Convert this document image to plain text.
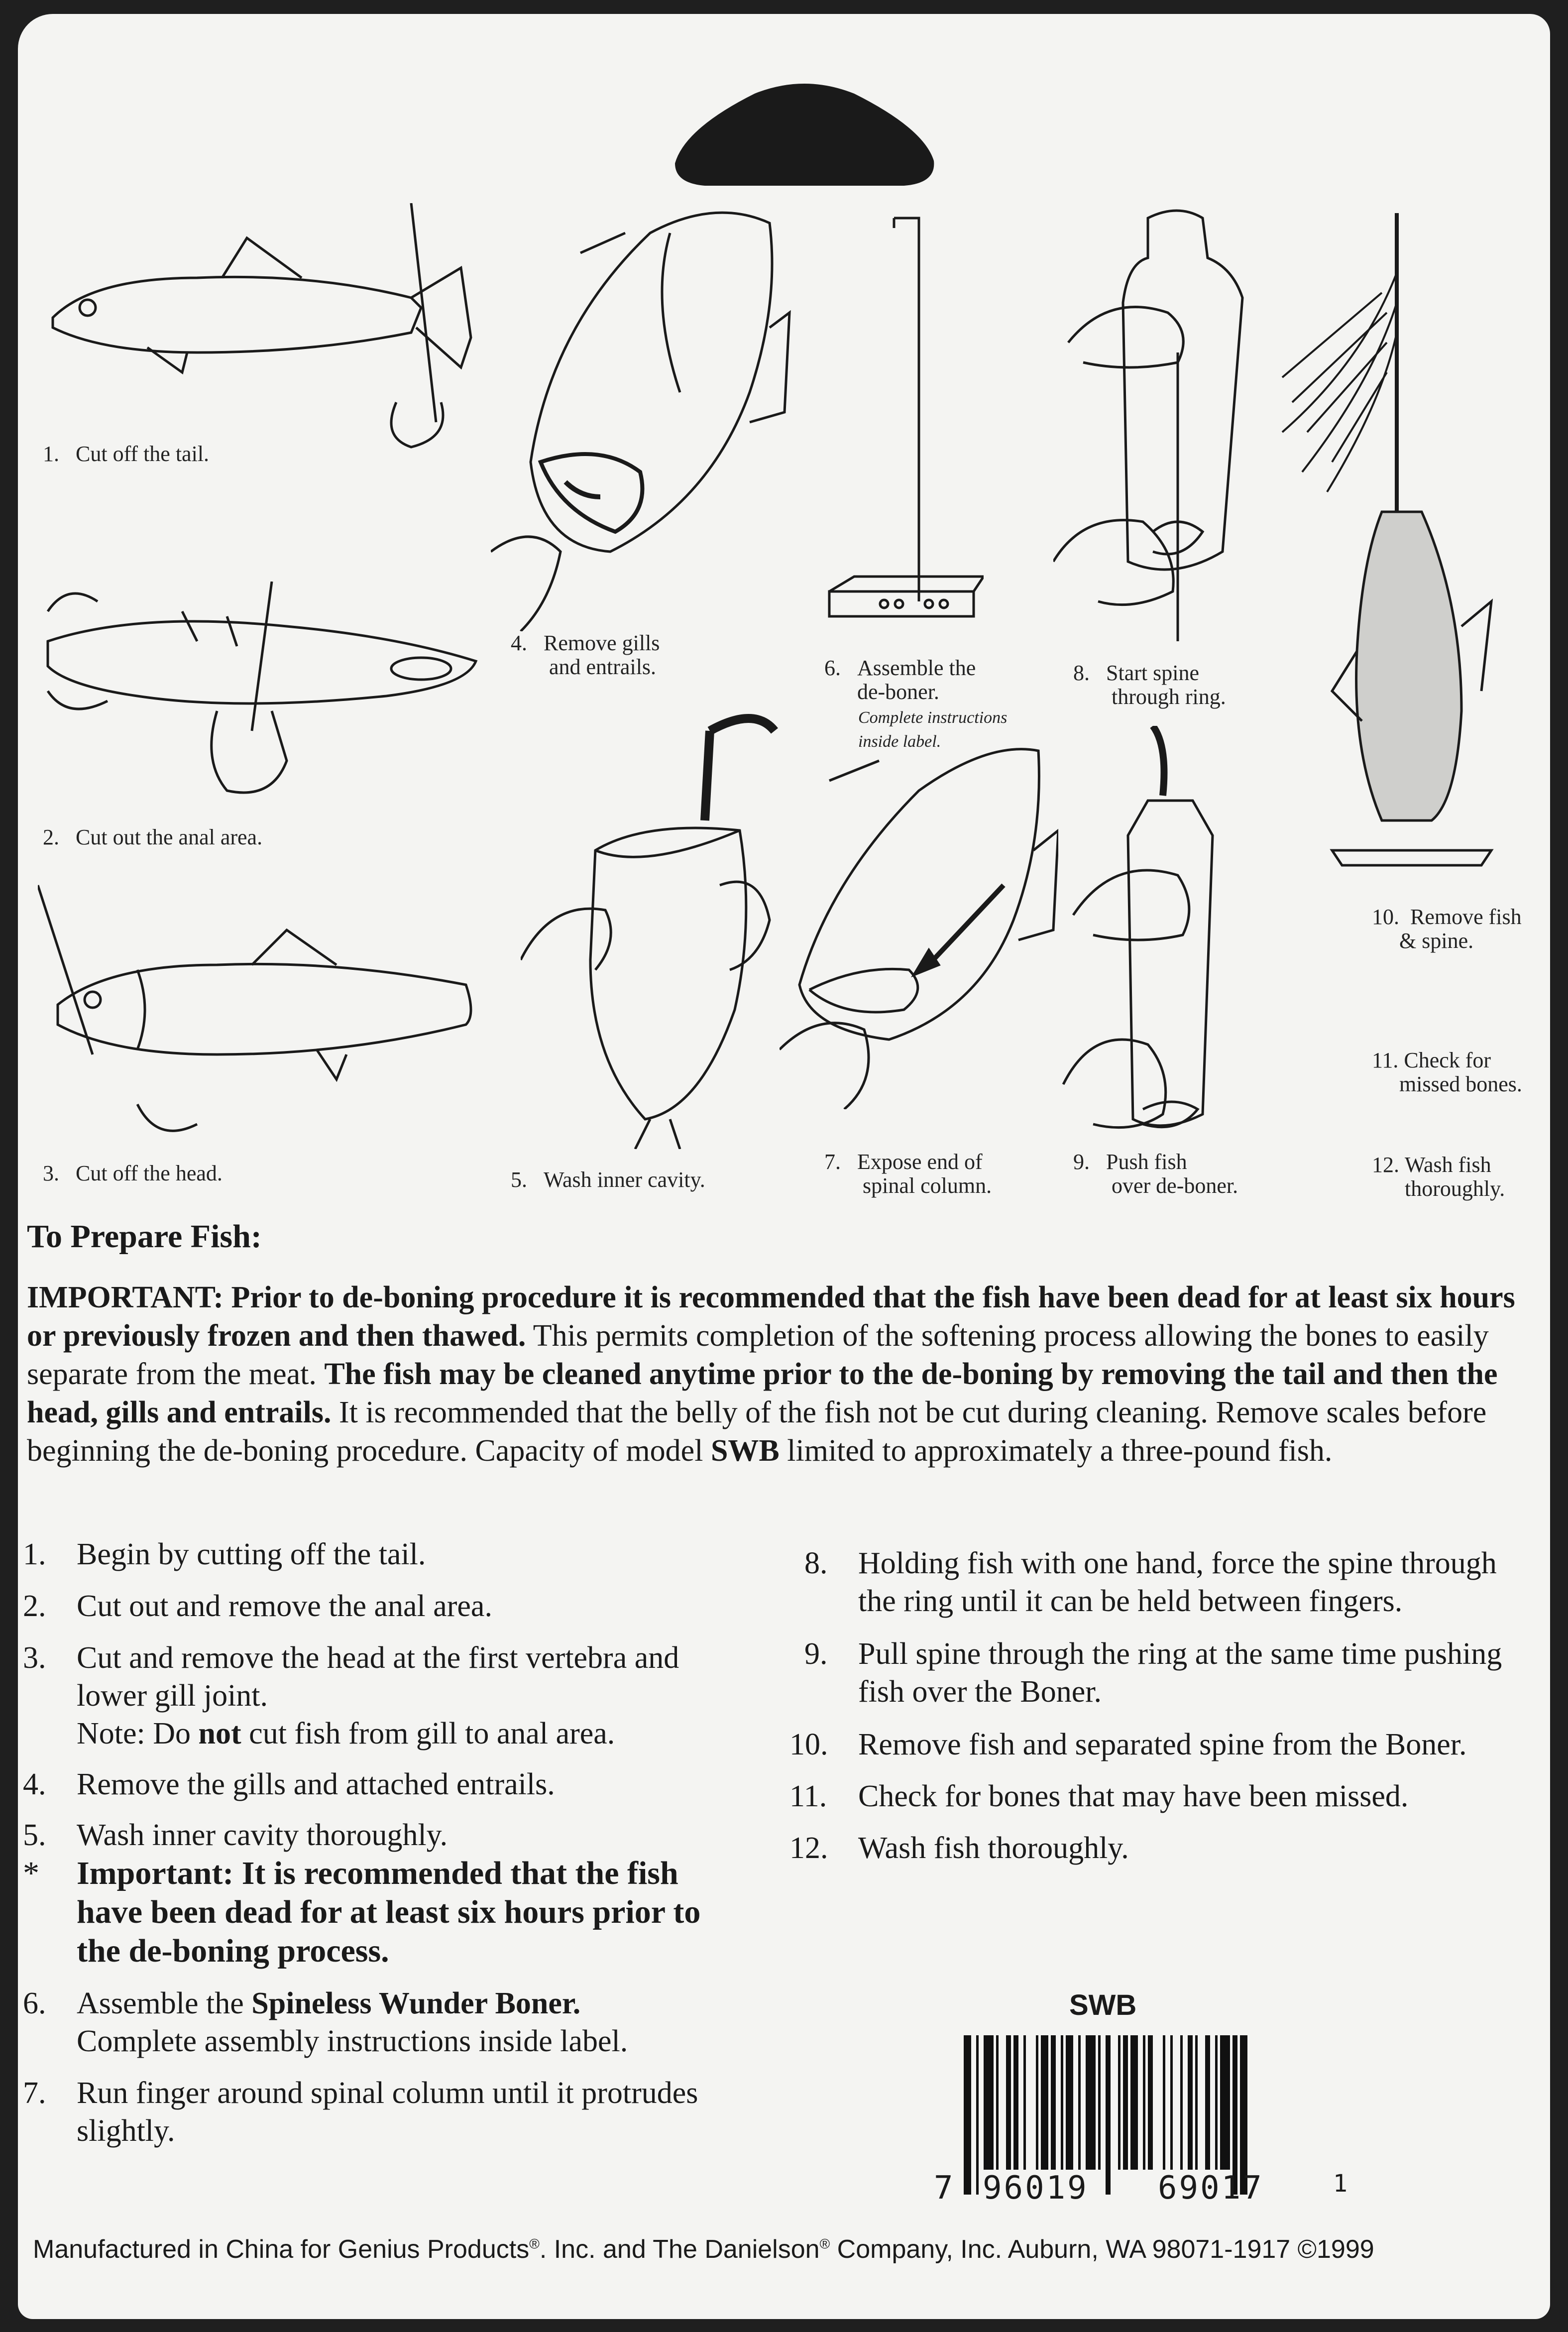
1. Cut off the tail.
2. Cut out the anal area.
3. Cut off the head.
4. Remove gills
and entrails.
5. Wash inner cavity.
6. Assemble the
de-boner.
Complete instructions
inside label.
7. Expose end of
spinal column.
8. Start spine
through ring.
9. Push fish
over de-boner.
10. Remove fish
& spine.
11. Check for
missed bones.
12. Wash fish
thoroughly.
To Prepare Fish:
IMPORTANT: Prior to de-boning procedure it is recommended that the fish have been dead for at least six hours or previously frozen and then thawed. This permits completion of the softening process allowing the bones to easily separate from the meat. The fish may be cleaned anytime prior to the de-boning by removing the tail and then the head, gills and entrails. It is recommended that the belly of the fish not be cut during cleaning. Remove scales before beginning the de-boning procedure. Capacity of model SWB limited to approximately a three-pound fish.
1. Begin by cutting off the tail.
2. Cut out and remove the anal area.
3. Cut and remove the head at the first vertebra and lower gill joint.
Note: Do not cut fish from gill to anal area.
4. Remove the gills and attached entrails.
5. Wash inner cavity thoroughly.
* Important: It is recommended that the fish have been dead for at least six hours prior to the de-boning process.
6. Assemble the Spineless Wunder Boner.
Complete assembly instructions inside label.
7. Run finger around spinal column until it protrudes slightly.
8. Holding fish with one hand, force the spine through the ring until it can be held between fingers.
9. Pull spine through the ring at the same time pushing fish over the Boner.
10. Remove fish and separated spine from the Boner.
11. Check for bones that may have been missed.
12. Wash fish thoroughly.
SWB
7 96019 69017	1
Manufactured in China for Genius Products®. Inc. and The Danielson® Company, Inc. Auburn, WA 98071-1917 ©1999
